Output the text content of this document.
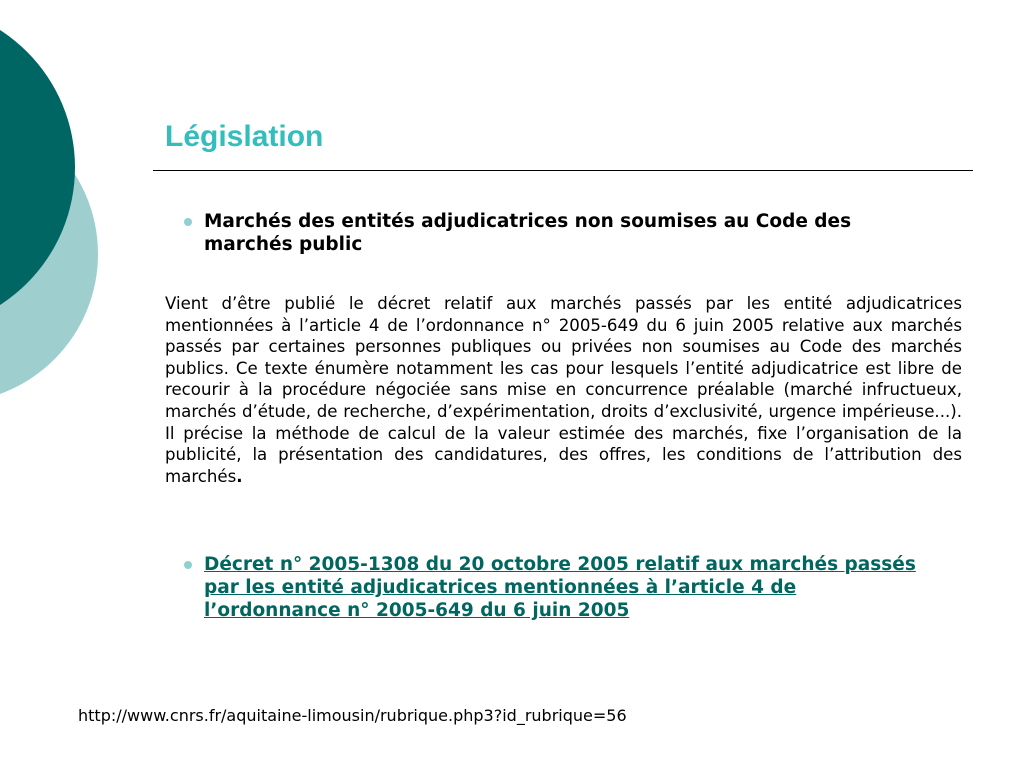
Législation
Marchés des entités adjudicatrices non soumises au Code des marchés public

Vient d’être publié le décret relatif aux marchés passés par les entité adjudicatrices mentionnées à l’article 4 de l’ordonnance n° 2005-649 du 6 juin 2005 relative aux marchés passés par certaines personnes publiques ou privées non soumises au Code des marchés publics. Ce texte énumère notamment les cas pour lesquels l’entité adjudicatrice est libre de recourir à la procédure négociée sans mise en concurrence préalable (marché infructueux, marchés d’étude, de recherche, d’expérimentation, droits d’exclusivité, urgence impérieuse...). Il précise la méthode de calcul de la valeur estimée des marchés, fixe l’organisation de la publicité, la présentation des candidatures, des offres, les conditions de l’attribution des marchés.

Décret n° 2005-1308 du 20 octobre 2005 relatif aux marchés passés par les entité adjudicatrices mentionnées à l’article 4 de l’ordonnance n° 2005-649 du 6 juin 2005
http://www.cnrs.fr/aquitaine-limousin/rubrique.php3?id_rubrique=56
